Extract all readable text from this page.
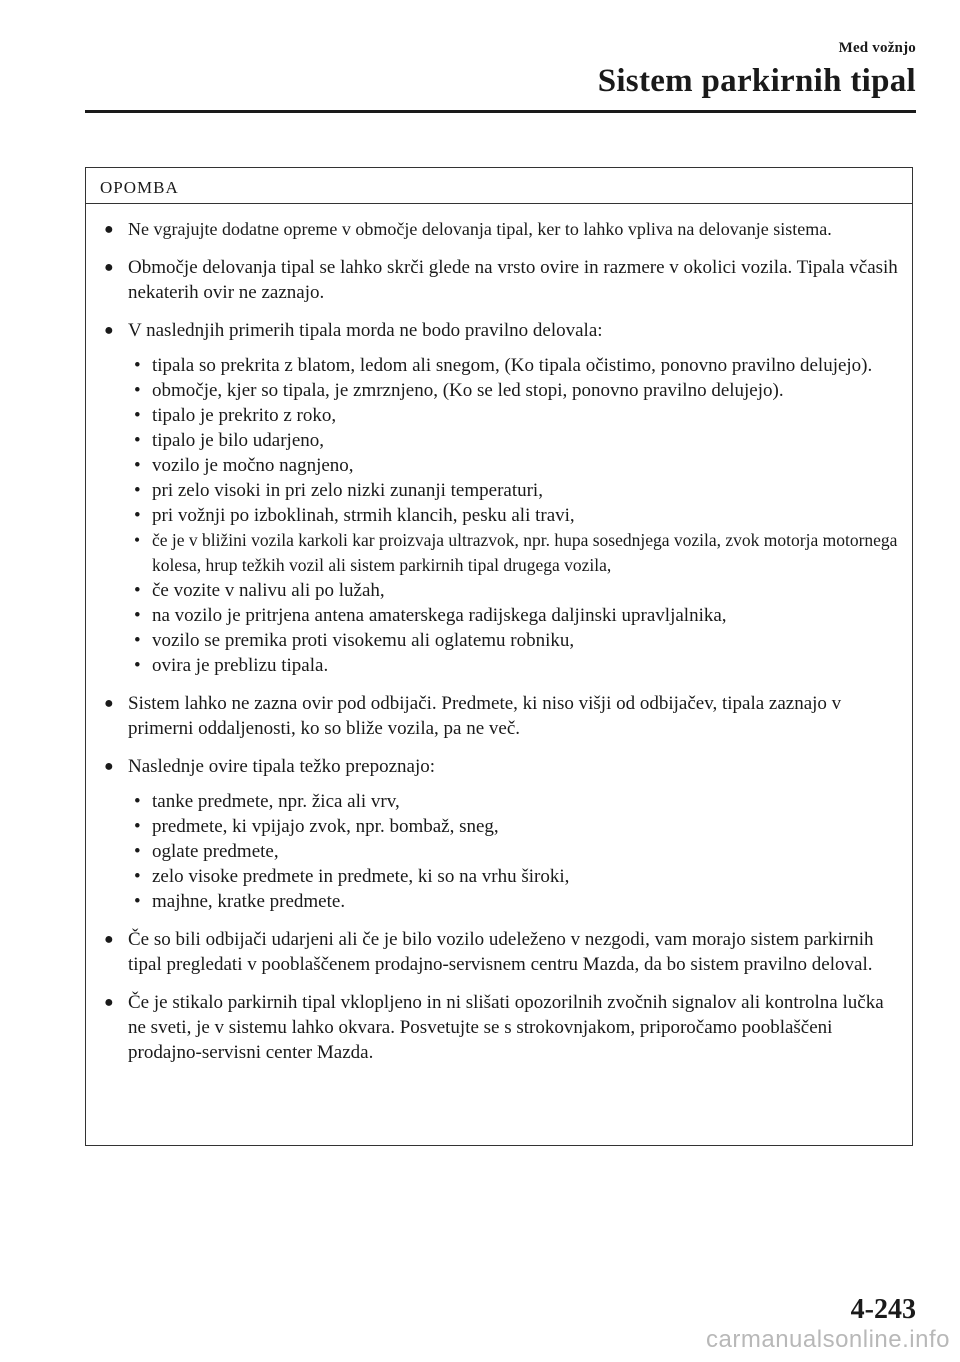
Med vožnjo
Sistem parkirnih tipal
OPOMBA
● Ne vgrajujte dodatne opreme v območje delovanja tipal, ker to lahko vpliva na delovanje sistema.
● Območje delovanja tipal se lahko skrči glede na vrsto ovire in razmere v okolici vozila. Tipala včasih nekaterih ovir ne zaznajo.
● V naslednjih primerih tipala morda ne bodo pravilno delovala:
• tipala so prekrita z blatom, ledom ali snegom, (Ko tipala očistimo, ponovno pravilno delujejo).
• območje, kjer so tipala, je zmrznjeno, (Ko se led stopi, ponovno pravilno delujejo).
• tipalo je prekrito z roko,
• tipalo je bilo udarjeno,
• vozilo je močno nagnjeno,
• pri zelo visoki in pri zelo nizki zunanji temperaturi,
• pri vožnji po izboklinah, strmih klancih, pesku ali travi,
• če je v bližini vozila karkoli kar proizvaja ultrazvok, npr. hupa sosednjega vozila, zvok motorja motornega kolesa, hrup težkih vozil ali sistem parkirnih tipal drugega vozila,
• če vozite v nalivu ali po lužah,
• na vozilo je pritrjena antena amaterskega radijskega daljinski upravljalnika,
• vozilo se premika proti visokemu ali oglatemu robniku,
• ovira je preblizu tipala.
● Sistem lahko ne zazna ovir pod odbijači. Predmete, ki niso višji od odbijačev, tipala zaznajo v primerni oddaljenosti, ko so bliže vozila, pa ne več.
● Naslednje ovire tipala težko prepoznajo:
• tanke predmete, npr. žica ali vrv,
• predmete, ki vpijajo zvok, npr. bombaž, sneg,
• oglate predmete,
• zelo visoke predmete in predmete, ki so na vrhu široki,
• majhne, kratke predmete.
● Če so bili odbijači udarjeni ali če je bilo vozilo udeleženo v nezgodi, vam morajo sistem parkirnih tipal pregledati v pooblaščenem prodajno-servisnem centru Mazda, da bo sistem pravilno deloval.
● Če je stikalo parkirnih tipal vklopljeno in ni slišati opozorilnih zvočnih signalov ali kontrolna lučka ne sveti, je v sistemu lahko okvara. Posvetujte se s strokovnjakom, priporočamo pooblaščeni prodajno-servisni center Mazda.
4-243
carmanualsonline.info
